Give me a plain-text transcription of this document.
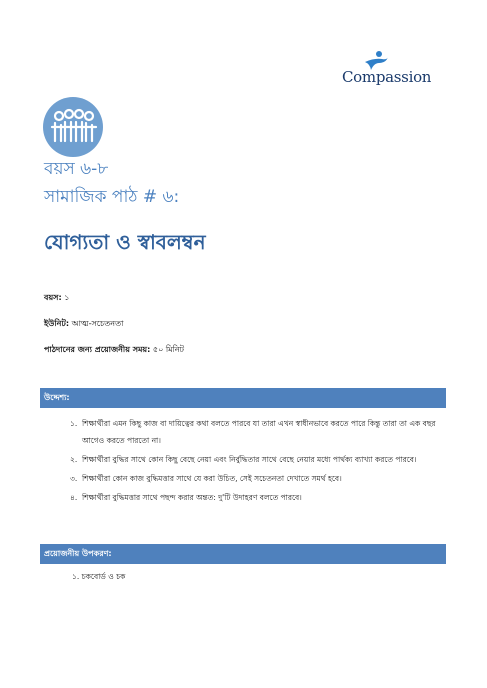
Compassion
বয়স ৬-৮
সামাজিক পাঠ # ৬:
যোগ্যতা ও স্বাবলম্বন
বয়স: ১
ইউনিট: আত্ম-সচেতনতা
পাঠদানের জন্য প্রয়োজনীয় সময়: ৫০ মিনিট
উদ্দেশ্য:
১. শিক্ষার্থীরা এমন কিছু কাজ বা দায়িত্বের কথা বলতে পারবে যা তারা এখন স্বাধীনভাবে করতে পারে কিন্তু তারা তা এক বছর আগেও করতে পারতো না।
২. শিক্ষার্থীরা বুদ্ধির সাথে কোন কিছু বেছে নেয়া এবং নির্বুদ্ধিতার সাথে বেছে নেয়ার মধ্যে পার্থক্য ব্যাখ্যা করতে পারবে।
৩. শিক্ষার্থীরা কোন কাজ বুদ্ধিমত্তার সাথে যে করা উচিত, সেই সচেতনতা দেখাতে সমর্থ হবে।
৪. শিক্ষার্থীরা বুদ্ধিমত্তার সাথে পছন্দ করার অন্তত: দু'টি উদাহরণ বলতে পারবে।
প্রয়োজনীয় উপকরণ:
১. চকবোর্ড ও চক
